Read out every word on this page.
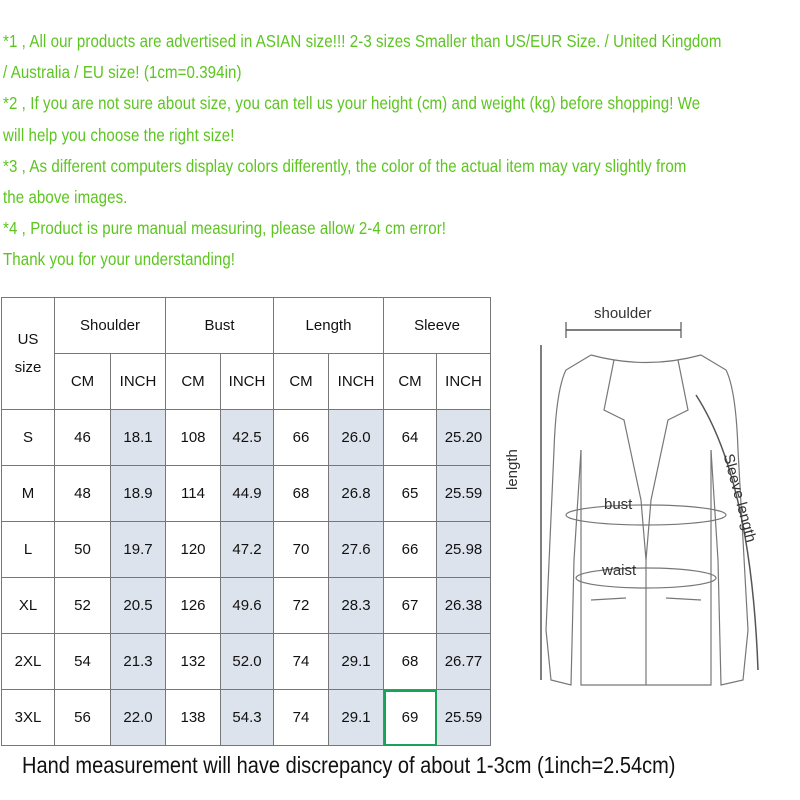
*1 , All our products are advertised in ASIAN size!!! 2-3 sizes Smaller than US/EUR Size. / United Kingdom
/ Australia / EU size! (1cm=0.394in)
*2 , If you are not sure about size, you can tell us your height (cm) and weight (kg) before shopping! We
will help you choose the right size!
*3 , As different computers display colors differently, the color of the actual item may vary slightly from
the above images.
*4 , Product is pure manual measuring, please allow 2-4 cm error!
Thank you for your understanding!
US
size	Shoulder		Bust		Length		Sleeve	
	CM	INCH	CM	INCH	CM	INCH	CM	INCH
S	46	18.1	108	42.5	66	26.0	64	25.20
M	48	18.9	114	44.9	68	26.8	65	25.59
L	50	19.7	120	47.2	70	27.6	66	25.98
XL	52	20.5	126	49.6	72	28.3	67	26.38
2XL	54	21.3	132	52.0	74	29.1	68	26.77
3XL	56	22.0	138	54.3	74	29.1	69	25.59
shoulder
length
bust
waist
Sleeve length
Hand measurement will have discrepancy of about 1-3cm (1inch=2.54cm)
